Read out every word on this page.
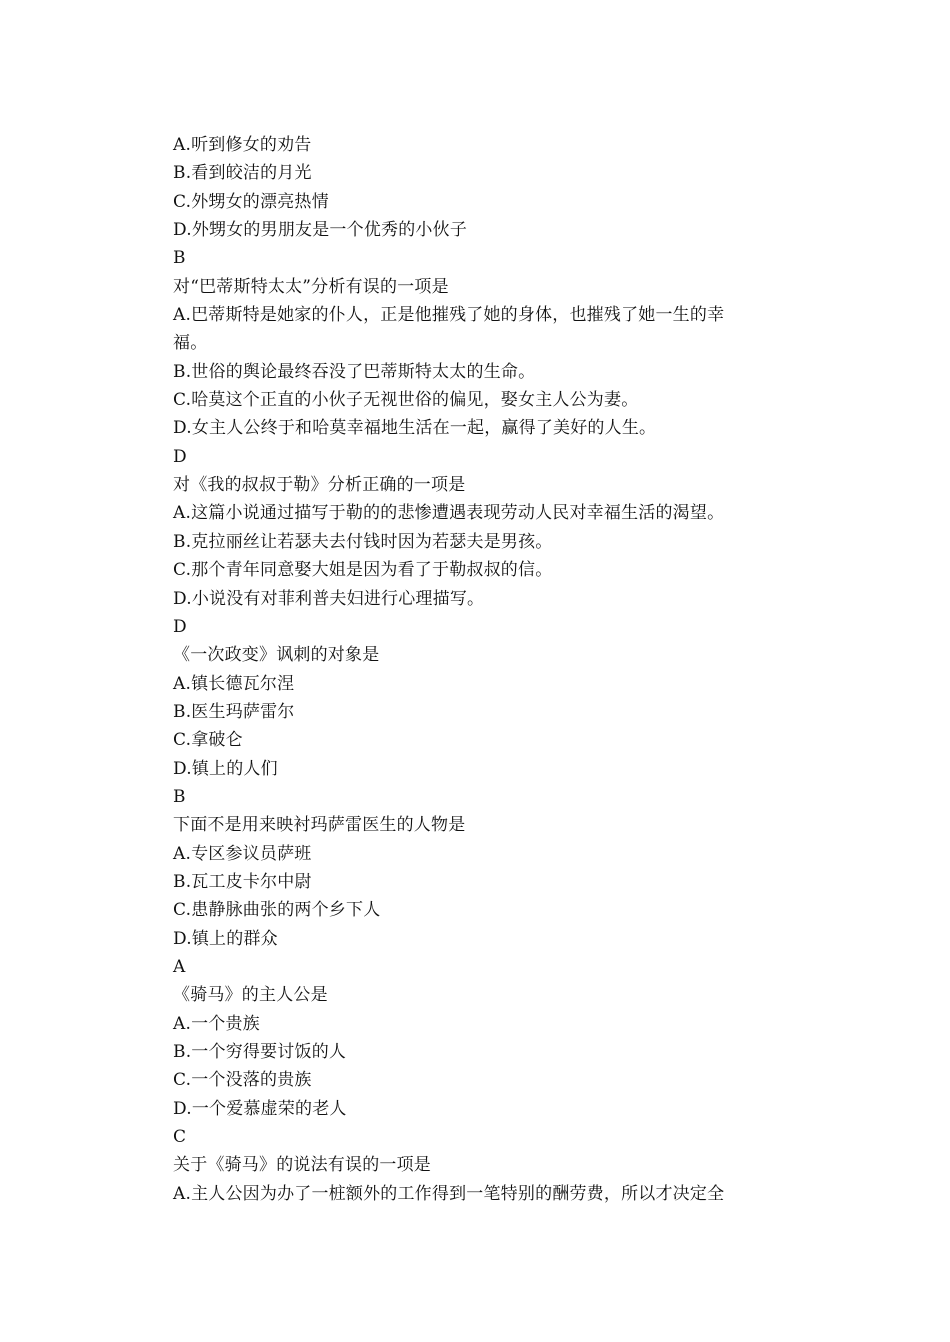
A.听到修女的劝告
B.看到皎洁的月光
C.外甥女的漂亮热情
D.外甥女的男朋友是一个优秀的小伙子
B
对“巴蒂斯特太太”分析有误的一项是
A.巴蒂斯特是她家的仆人，正是他摧残了她的身体，也摧残了她一生的幸
福。
B.世俗的舆论最终吞没了巴蒂斯特太太的生命。
C.哈莫这个正直的小伙子无视世俗的偏见，娶女主人公为妻。
D.女主人公终于和哈莫幸福地生活在一起，赢得了美好的人生。
D
对《我的叔叔于勒》分析正确的一项是
A.这篇小说通过描写于勒的的悲惨遭遇表现劳动人民对幸福生活的渴望。
B.克拉丽丝让若瑟夫去付钱时因为若瑟夫是男孩。
C.那个青年同意娶大姐是因为看了于勒叔叔的信。
D.小说没有对菲利普夫妇进行心理描写。
D
《一次政变》讽刺的对象是
A.镇长德瓦尔涅
B.医生玛萨雷尔
C.拿破仑
D.镇上的人们
B
下面不是用来映衬玛萨雷医生的人物是
A.专区参议员萨班
B.瓦工皮卡尔中尉
C.患静脉曲张的两个乡下人
D.镇上的群众
A
《骑马》的主人公是
A.一个贵族
B.一个穷得要讨饭的人
C.一个没落的贵族
D.一个爱慕虚荣的老人
C
关于《骑马》的说法有误的一项是
A.主人公因为办了一桩额外的工作得到一笔特别的酬劳费，所以才决定全
